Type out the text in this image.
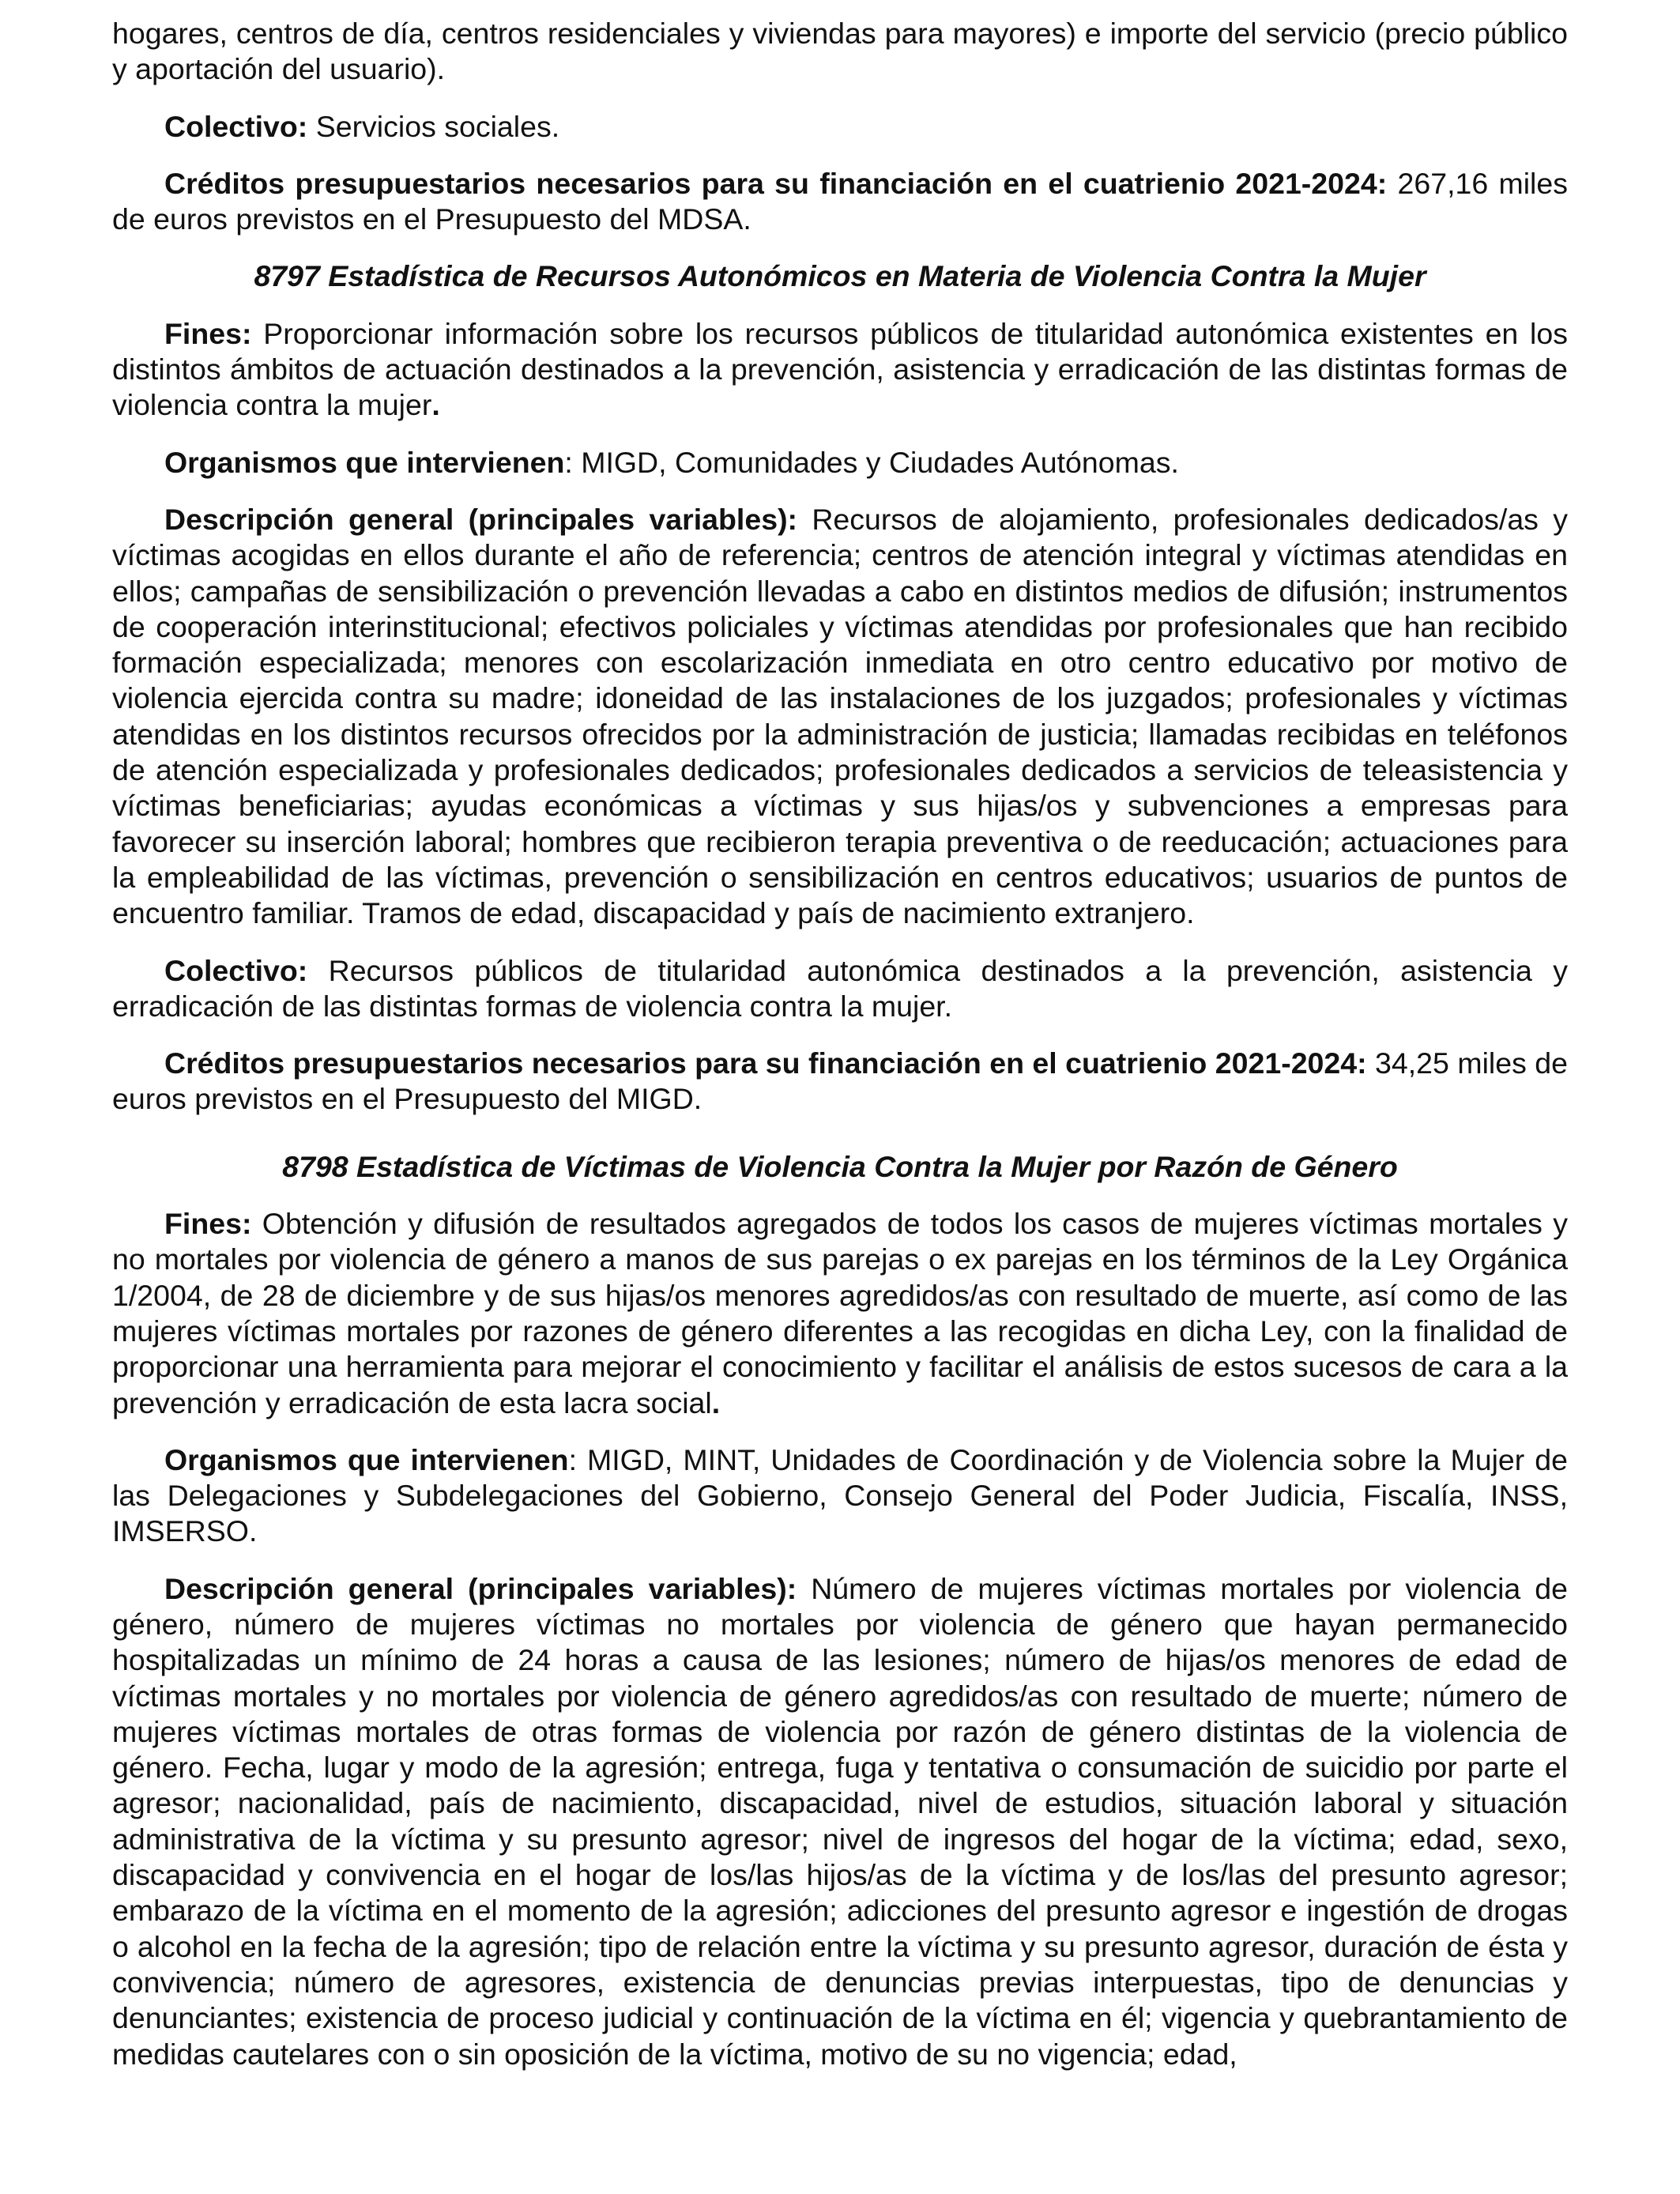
hogares, centros de día, centros residenciales y viviendas para mayores) e importe del servicio (precio público y aportación del usuario).

Colectivo: Servicios sociales.

Créditos presupuestarios necesarios para su financiación en el cuatrienio 2021-2024: 267,16 miles de euros previstos en el Presupuesto del MDSA.

8797 Estadística de Recursos Autonómicos en Materia de Violencia Contra la Mujer

Fines: Proporcionar información sobre los recursos públicos de titularidad autonómica existentes en los distintos ámbitos de actuación destinados a la prevención, asistencia y erradicación de las distintas formas de violencia contra la mujer.

Organismos que intervienen: MIGD, Comunidades y Ciudades Autónomas.

Descripción general (principales variables): Recursos de alojamiento, profesionales dedicados/as y víctimas acogidas en ellos durante el año de referencia; centros de atención integral y víctimas atendidas en ellos; campañas de sensibilización o prevención llevadas a cabo en distintos medios de difusión; instrumentos de cooperación interinstitucional; efectivos policiales y víctimas atendidas por profesionales que han recibido formación especializada; menores con escolarización inmediata en otro centro educativo por motivo de violencia ejercida contra su madre; idoneidad de las instalaciones de los juzgados; profesionales y víctimas atendidas en los distintos recursos ofrecidos por la administración de justicia; llamadas recibidas en teléfonos de atención especializada y profesionales dedicados; profesionales dedicados a servicios de teleasistencia y víctimas beneficiarias; ayudas económicas a víctimas y sus hijas/os y subvenciones a empresas para favorecer su inserción laboral; hombres que recibieron terapia preventiva o de reeducación; actuaciones para la empleabilidad de las víctimas, prevención o sensibilización en centros educativos; usuarios de puntos de encuentro familiar. Tramos de edad, discapacidad y país de nacimiento extranjero.

Colectivo: Recursos públicos de titularidad autonómica destinados a la prevención, asistencia y erradicación de las distintas formas de violencia contra la mujer.

Créditos presupuestarios necesarios para su financiación en el cuatrienio 2021-2024: 34,25 miles de euros previstos en el Presupuesto del MIGD.

8798 Estadística de Víctimas de Violencia Contra la Mujer por Razón de Género

Fines: Obtención y difusión de resultados agregados de todos los casos de mujeres víctimas mortales y no mortales por violencia de género a manos de sus parejas o ex parejas en los términos de la Ley Orgánica 1/2004, de 28 de diciembre y de sus hijas/os menores agredidos/as con resultado de muerte, así como de las mujeres víctimas mortales por razones de género diferentes a las recogidas en dicha Ley, con la finalidad de proporcionar una herramienta para mejorar el conocimiento y facilitar el análisis de estos sucesos de cara a la prevención y erradicación de esta lacra social.

Organismos que intervienen: MIGD, MINT, Unidades de Coordinación y de Violencia sobre la Mujer de las Delegaciones y Subdelegaciones del Gobierno, Consejo General del Poder Judicia, Fiscalía, INSS, IMSERSO.

Descripción general (principales variables): Número de mujeres víctimas mortales por violencia de género, número de mujeres víctimas no mortales por violencia de género que hayan permanecido hospitalizadas un mínimo de 24 horas a causa de las lesiones; número de hijas/os menores de edad de víctimas mortales y no mortales por violencia de género agredidos/as con resultado de muerte; número de mujeres víctimas mortales de otras formas de violencia por razón de género distintas de la violencia de género. Fecha, lugar y modo de la agresión; entrega, fuga y tentativa o consumación de suicidio por parte el agresor; nacionalidad, país de nacimiento, discapacidad, nivel de estudios, situación laboral y situación administrativa de la víctima y su presunto agresor; nivel de ingresos del hogar de la víctima; edad, sexo, discapacidad y convivencia en el hogar de los/las hijos/as de la víctima y de los/las del presunto agresor; embarazo de la víctima en el momento de la agresión; adicciones del presunto agresor e ingestión de drogas o alcohol en la fecha de la agresión; tipo de relación entre la víctima y su presunto agresor, duración de ésta y convivencia; número de agresores, existencia de denuncias previas interpuestas, tipo de denuncias y denunciantes; existencia de proceso judicial y continuación de la víctima en él; vigencia y quebrantamiento de medidas cautelares con o sin oposición de la víctima, motivo de su no vigencia; edad,
